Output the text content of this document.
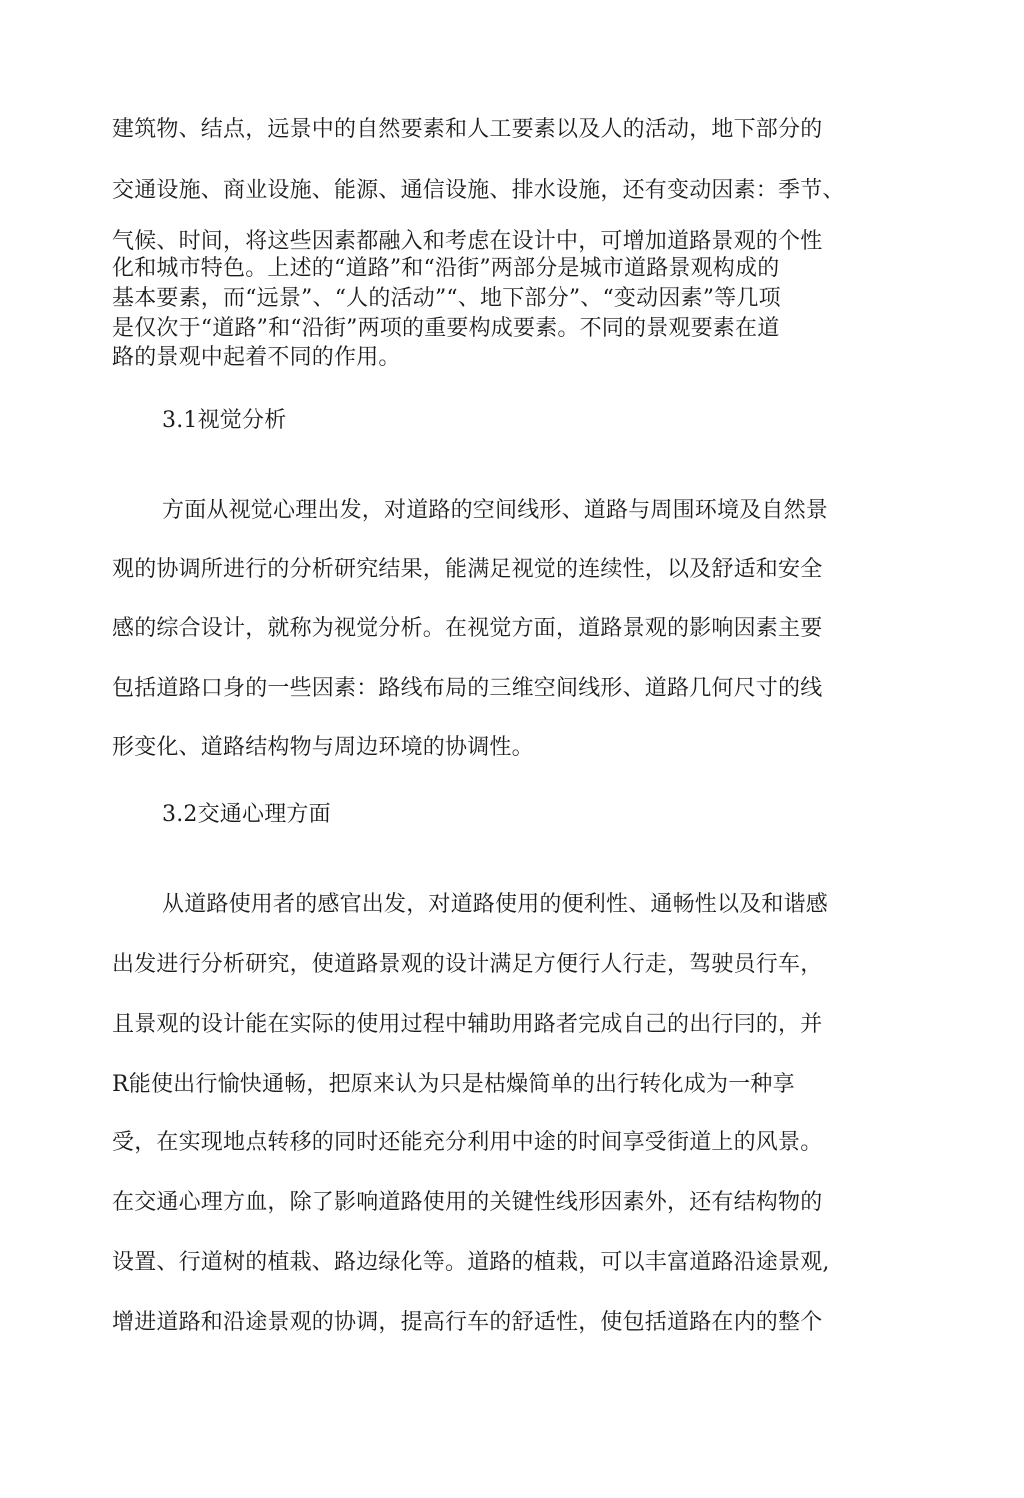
建筑物、结点，远景中的自然要素和人工要素以及人的活动，地下部分的
交通设施、商业设施、能源、通信设施、排水设施，还有变动因素：季节、
气候、时间，将这些因素都融入和考虑在设计中，可增加道路景观的个性
化和城市特色。上述的“道路”和“沿街”两部分是城市道路景观构成的
基本要素，而“远景”、“人的活动”“、地下部分”、“变动因素”等几项
是仅次于“道路”和“沿街”两项的重要构成要素。不同的景观要素在道
路的景观中起着不同的作用。
3.1视觉分析
方面从视觉心理出发，对道路的空间线形、道路与周围环境及自然景
观的协调所进行的分析研究结果，能满足视觉的连续性，以及舒适和安全
感的综合设计，就称为视觉分析。在视觉方面，道路景观的影响因素主要
包括道路口身的一些因素：路线布局的三维空间线形、道路几何尺寸的线
形变化、道路结构物与周边环境的协调性。
3.2交通心理方面
从道路使用者的感官出发，对道路使用的便利性、通畅性以及和谐感
出发进行分析研究，使道路景观的设计满足方便行人行走，驾驶员行车，
且景观的设计能在实际的使用过程中辅助用路者完成自己的出行冃的，并
R能使出行愉快通畅，把原来认为只是枯燥简单的出行转化成为一种享
受，在实现地点转移的同时还能充分利用中途的时间享受街道上的风景。
在交通心理方血，除了影响道路使用的关键性线形因素外，还有结构物的
设置、行道树的植栽、路边绿化等。道路的植栽，可以丰富道路沿途景观,
增进道路和沿途景观的协调，提高行车的舒适性，使包括道路在内的整个
